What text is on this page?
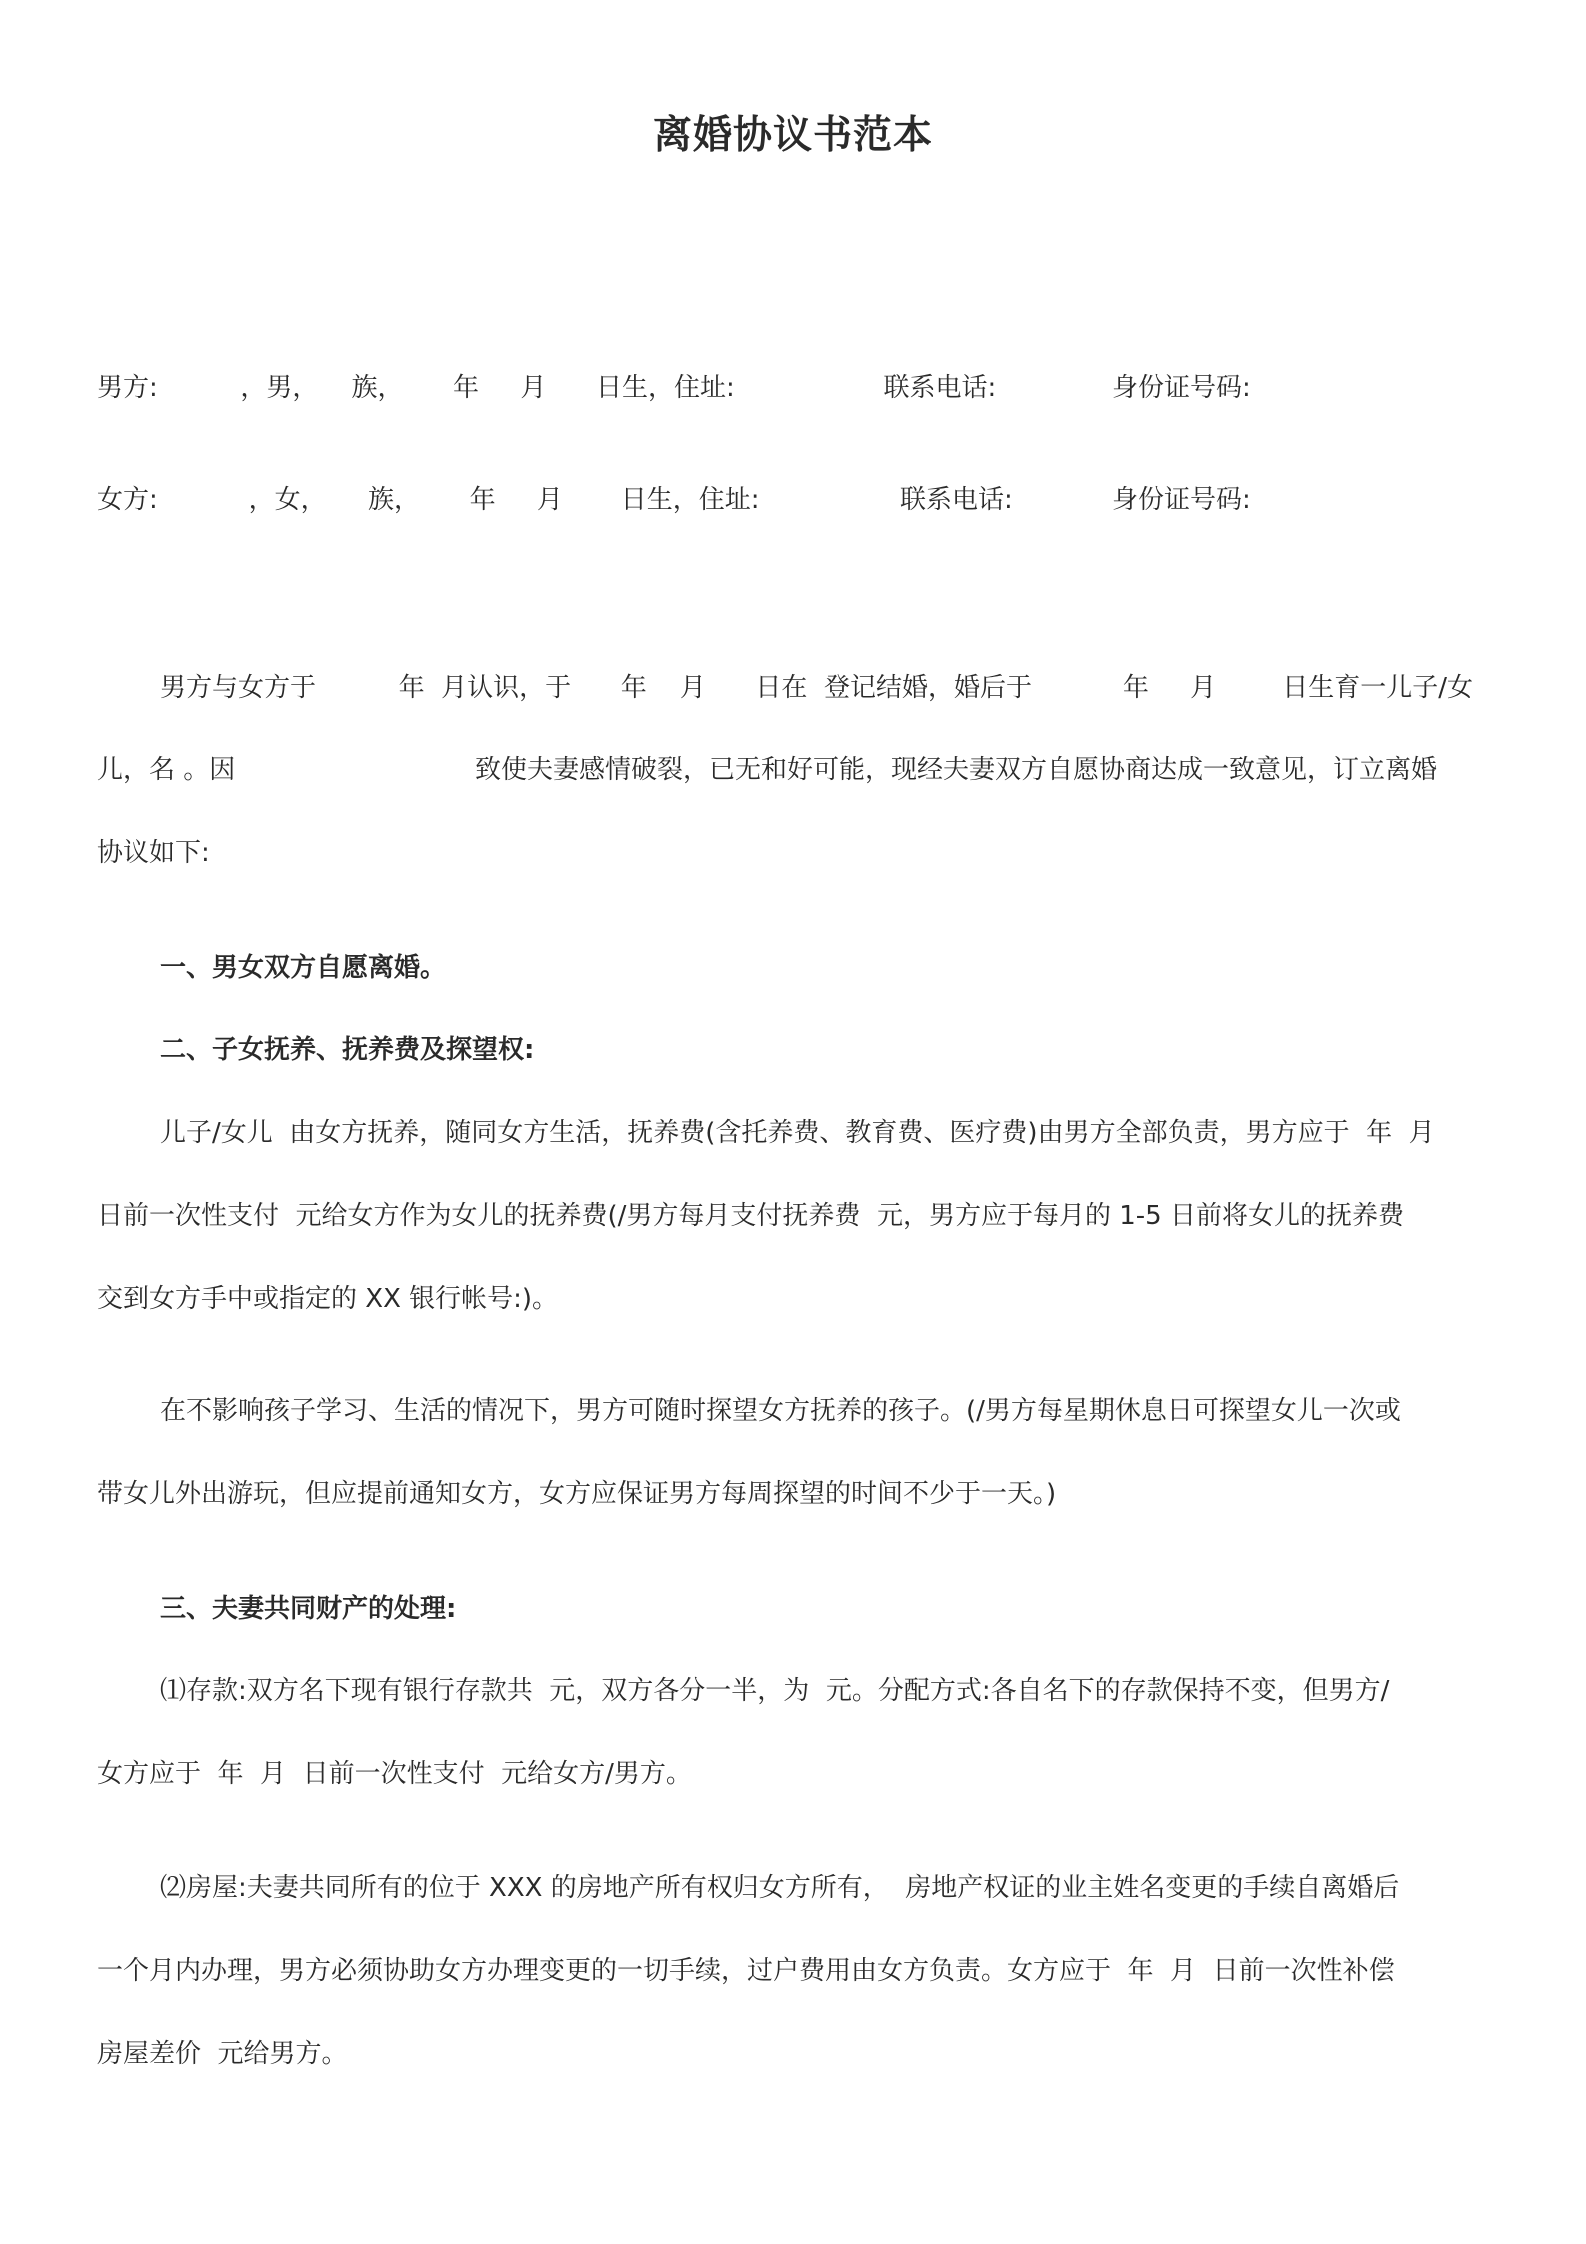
离婚协议书范本
男方:          ，男，    族，      年     月      日生，住址:                  联系电话:              身份证号码:
女方:           ，女，     族，      年     月       日生，住址:                 联系电话:            身份证号码:
男方与女方于          年  月认识，于      年    月      日在  登记结婚，婚后于           年     月        日生育一儿子/女
儿，名 。因                             致使夫妻感情破裂，已无和好可能，现经夫妻双方自愿协商达成一致意见，订立离婚
协议如下:
一、男女双方自愿离婚。
二、子女抚养、抚养费及探望权:
儿子/女儿  由女方抚养，随同女方生活，抚养费(含托养费、教育费、医疗费)由男方全部负责，男方应于  年  月
日前一次性支付  元给女方作为女儿的抚养费(/男方每月支付抚养费  元，男方应于每月的 1-5 日前将女儿的抚养费
交到女方手中或指定的 XX 银行帐号:)。
在不影响孩子学习、生活的情况下，男方可随时探望女方抚养的孩子。(/男方每星期休息日可探望女儿一次或
带女儿外出游玩，但应提前通知女方，女方应保证男方每周探望的时间不少于一天。)
三、夫妻共同财产的处理:
⑴存款:双方名下现有银行存款共  元，双方各分一半，为  元。分配方式:各自名下的存款保持不变，但男方/
女方应于  年  月  日前一次性支付  元给女方/男方。
⑵房屋:夫妻共同所有的位于 XXX 的房地产所有权归女方所有，  房地产权证的业主姓名变更的手续自离婚后
一个月内办理，男方必须协助女方办理变更的一切手续，过户费用由女方负责。女方应于  年  月  日前一次性补偿
房屋差价  元给男方。
